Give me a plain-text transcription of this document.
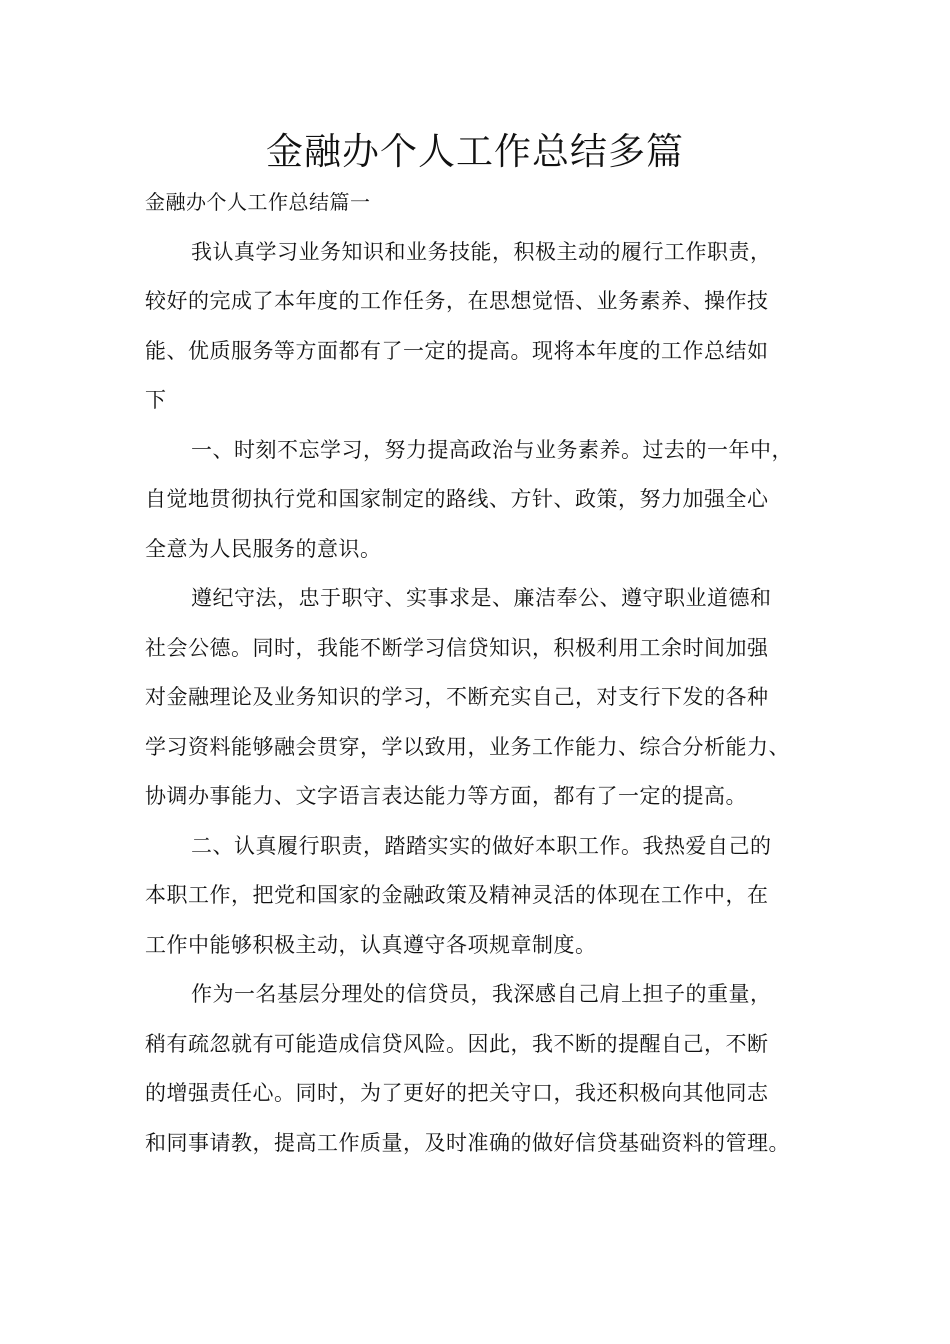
金融办个人工作总结多篇
金融办个人工作总结篇一
我认真学习业务知识和业务技能，积极主动的履行工作职责，
较好的完成了本年度的工作任务，在思想觉悟、业务素养、操作技
能、优质服务等方面都有了一定的提高。现将本年度的工作总结如
下
一、时刻不忘学习，努力提高政治与业务素养。过去的一年中，
自觉地贯彻执行党和国家制定的路线、方针、政策，努力加强全心
全意为人民服务的意识。
遵纪守法，忠于职守、实事求是、廉洁奉公、遵守职业道德和
社会公德。同时，我能不断学习信贷知识，积极利用工余时间加强
对金融理论及业务知识的学习，不断充实自己，对支行下发的各种
学习资料能够融会贯穿，学以致用，业务工作能力、综合分析能力、
协调办事能力、文字语言表达能力等方面，都有了一定的提高。
二、认真履行职责，踏踏实实的做好本职工作。我热爱自己的
本职工作，把党和国家的金融政策及精神灵活的体现在工作中，在
工作中能够积极主动，认真遵守各项规章制度。
作为一名基层分理处的信贷员，我深感自己肩上担子的重量，
稍有疏忽就有可能造成信贷风险。因此，我不断的提醒自己，不断
的增强责任心。同时，为了更好的把关守口，我还积极向其他同志
和同事请教，提高工作质量，及时准确的做好信贷基础资料的管理。
